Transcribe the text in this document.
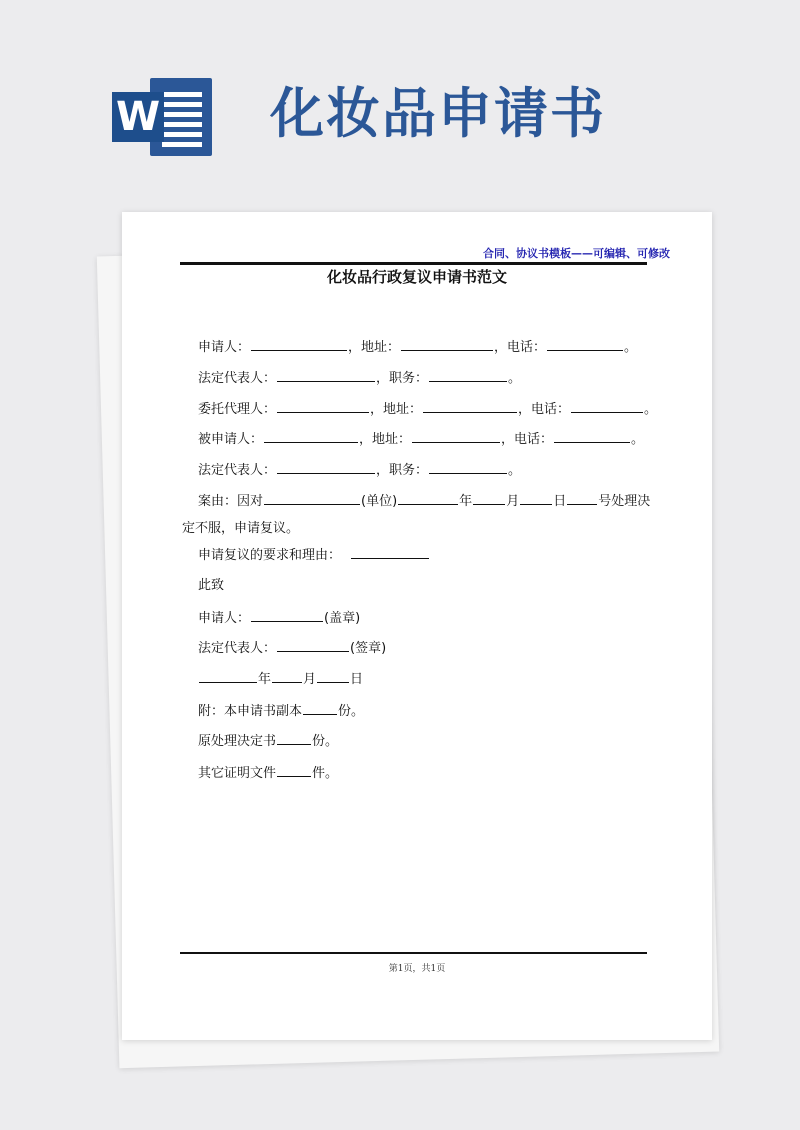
W 化妆品申请书
合同、协议书模板——可编辑、可修改
化妆品行政复议申请书范文
申请人：	，地址：	，电话：	。
法定代表人：	，职务：	。
委托代理人：	，地址：	，电话：	。
被申请人：	，地址：	，电话：	。
法定代表人：	，职务：	。
案由：因对	(单位)	年	月	日 号处理决
定不服，申请复议。
申请复议的要求和理由：
此致
申请人：	(盖章)
法定代表人：	(签章)
年 月	日
附：本申请书副本	份。
原处理决定书	份。
其它证明文件	件。
第1页，共1页
